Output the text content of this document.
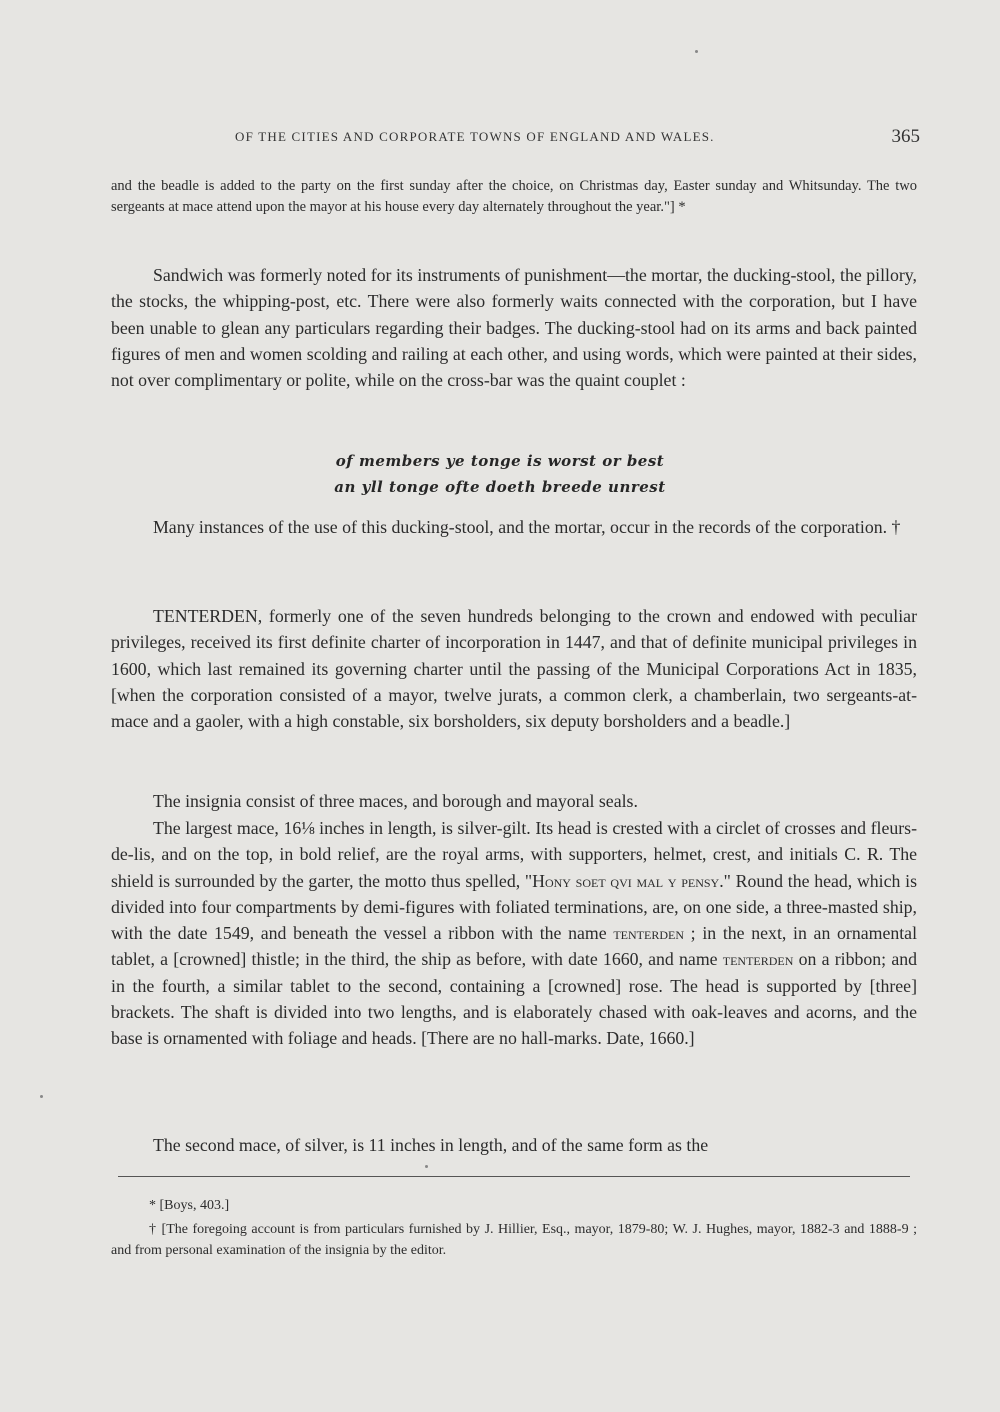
OF THE CITIES AND CORPORATE TOWNS OF ENGLAND AND WALES.	365

and the beadle is added to the party on the first sunday after the choice, on Christmas day, Easter sunday and Whitsunday. The two sergeants at mace attend upon the mayor at his house every day alternately throughout the year."] *

Sandwich was formerly noted for its instruments of punishment—the mortar, the ducking-stool, the pillory, the stocks, the whipping-post, etc. There were also formerly waits connected with the corporation, but I have been unable to glean any particulars regarding their badges. The ducking-stool had on its arms and back painted figures of men and women scolding and railing at each other, and using words, which were painted at their sides, not over complimentary or polite, while on the cross-bar was the quaint couplet :

of members ye tonge is worst or best
an yll tonge ofte doeth breede unrest

Many instances of the use of this ducking-stool, and the mortar, occur in the records of the corporation. †

TENTERDEN, formerly one of the seven hundreds belonging to the crown and endowed with peculiar privileges, received its first definite charter of incorporation in 1447, and that of definite municipal privileges in 1600, which last remained its governing charter until the passing of the Municipal Corporations Act in 1835, [when the corporation consisted of a mayor, twelve jurats, a common clerk, a chamberlain, two sergeants-at-mace and a gaoler, with a high constable, six borsholders, six deputy borsholders and a beadle.]

The insignia consist of three maces, and borough and mayoral seals.

The largest mace, 16⅛ inches in length, is silver-gilt. Its head is crested with a circlet of crosses and fleurs-de-lis, and on the top, in bold relief, are the royal arms, with supporters, helmet, crest, and initials C. R. The shield is surrounded by the garter, the motto thus spelled, "Hony soet qvi mal y pensy." Round the head, which is divided into four compartments by demi-figures with foliated terminations, are, on one side, a three-masted ship, with the date 1549, and beneath the vessel a ribbon with the name tenterden ; in the next, in an ornamental tablet, a [crowned] thistle; in the third, the ship as before, with date 1660, and name tenterden on a ribbon; and in the fourth, a similar tablet to the second, containing a [crowned] rose. The head is supported by [three] brackets. The shaft is divided into two lengths, and is elaborately chased with oak-leaves and acorns, and the base is ornamented with foliage and heads. [There are no hall-marks. Date, 1660.]

The second mace, of silver, is 11 inches in length, and of the same form as the

* [Boys, 403.]

† [The foregoing account is from particulars furnished by J. Hillier, Esq., mayor, 1879-80; W. J. Hughes, mayor, 1882-3 and 1888-9 ; and from personal examination of the insignia by the editor.
